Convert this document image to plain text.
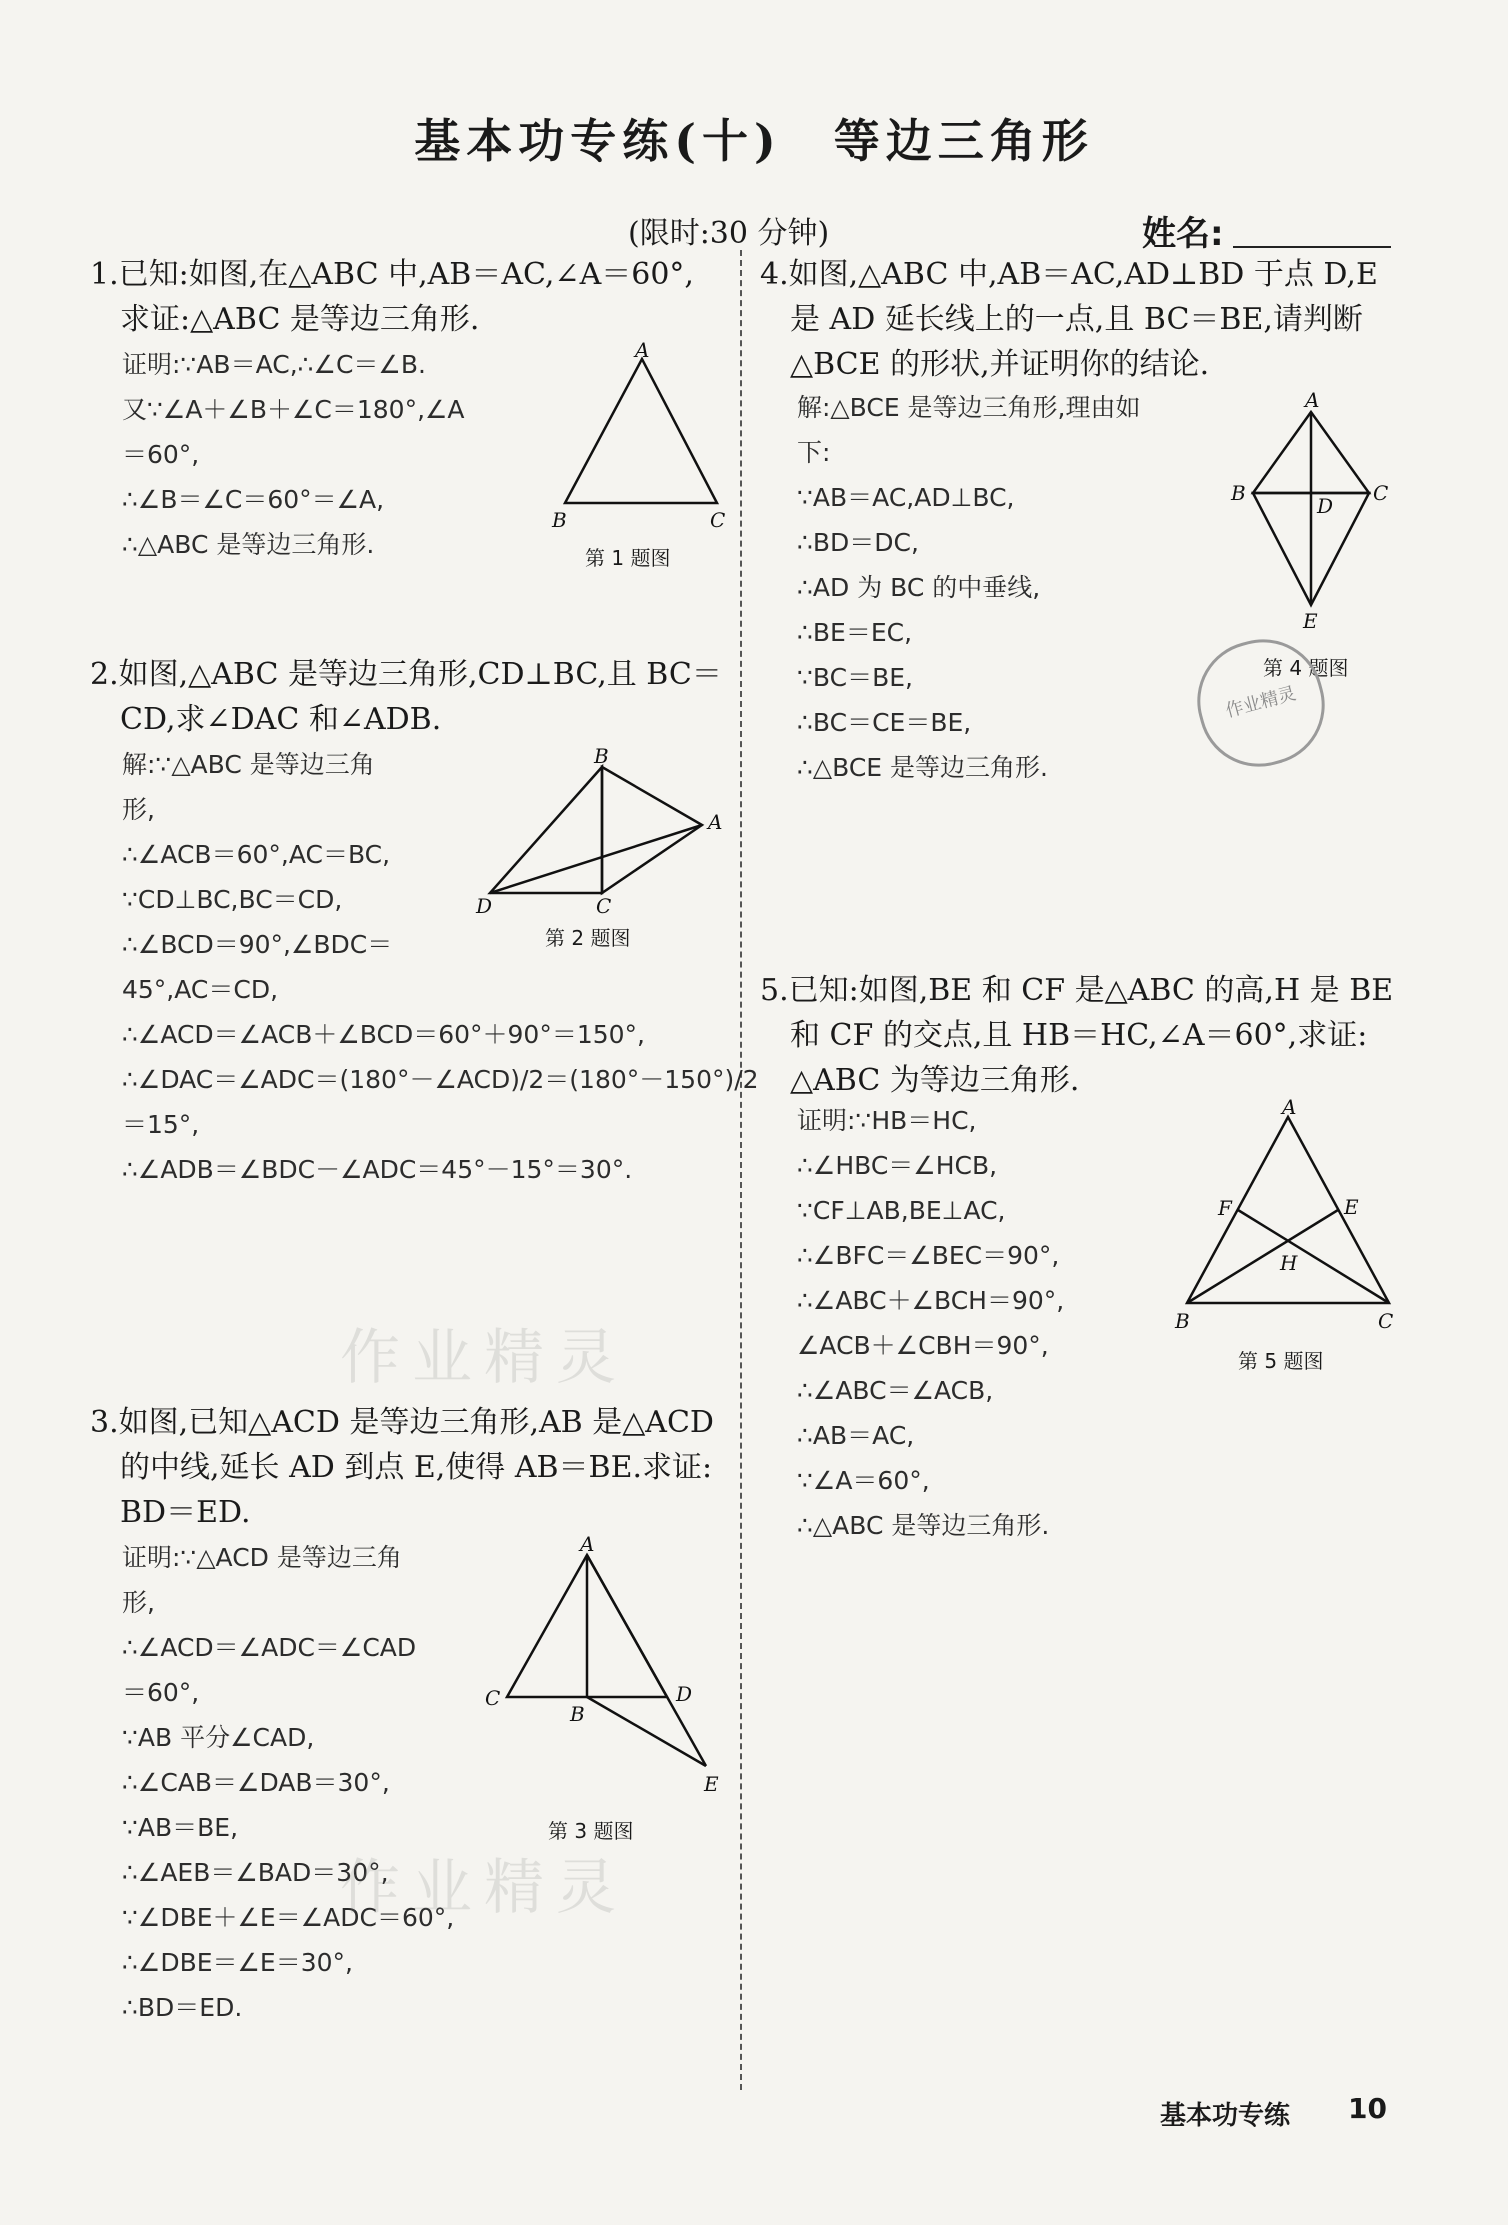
基本功专练(十)　等边三角形
(限时:30 分钟)	姓名:
1.已知:如图,在△ABC 中,AB＝AC,∠A＝60°,
求证:△ABC 是等边三角形.
证明:∵AB＝AC,∴∠C＝∠B.
又∵∠A＋∠B＋∠C＝180°,∠A
＝60°,
∴∠B＝∠C＝60°＝∠A,
∴△ABC 是等边三角形.
A
B	C
第 1 题图
2.如图,△ABC 是等边三角形,CD⊥BC,且 BC＝
CD,求∠DAC 和∠ADB.
解:∵△ABC 是等边三角
形,
∴∠ACB＝60°,AC＝BC,
∵CD⊥BC,BC＝CD,
∴∠BCD＝90°,∠BDC＝
45°,AC＝CD,
∴∠ACD＝∠ACB＋∠BCD＝60°＋90°＝150°,
∴∠DAC＝∠ADC＝(180°－∠ACD)/2＝(180°－150°)/2
＝15°,
∴∠ADB＝∠BDC－∠ADC＝45°－15°＝30°.
B
A
D	C
第 2 题图
3.如图,已知△ACD 是等边三角形,AB 是△ACD
的中线,延长 AD 到点 E,使得 AB＝BE.求证:
BD＝ED.
证明:∵△ACD 是等边三角
形,
∴∠ACD＝∠ADC＝∠CAD
＝60°,
∵AB 平分∠CAD,
∴∠CAB＝∠DAB＝30°,
∵AB＝BE,
∴∠AEB＝∠BAD＝30°,
∵∠DBE＋∠E＝∠ADC＝60°,
∴∠DBE＝∠E＝30°,
∴BD＝ED.
A
C
B
D
E
第 3 题图
4.如图,△ABC 中,AB＝AC,AD⊥BD 于点 D,E
是 AD 延长线上的一点,且 BC＝BE,请判断
△BCE 的形状,并证明你的结论.
解:△BCE 是等边三角形,理由如
下:
∵AB＝AC,AD⊥BC,
∴BD＝DC,
∴AD 为 BC 的中垂线,
∴BE＝EC,
∵BC＝BE,
∴BC＝CE＝BE,
∴△BCE 是等边三角形.
A
B
D
C
E
第 4 题图
作业精灵
5.已知:如图,BE 和 CF 是△ABC 的高,H 是 BE
和 CF 的交点,且 HB＝HC,∠A＝60°,求证:
△ABC 为等边三角形.
证明:∵HB＝HC,
∴∠HBC＝∠HCB,
∵CF⊥AB,BE⊥AC,
∴∠BFC＝∠BEC＝90°,
∴∠ABC＋∠BCH＝90°,
∠ACB＋∠CBH＝90°,
∴∠ABC＝∠ACB,
∴AB＝AC,
∵∠A＝60°,
∴△ABC 是等边三角形.
A
F	E
H
B	C
第 5 题图
作业精灵
作业精灵
基本功专练 10
